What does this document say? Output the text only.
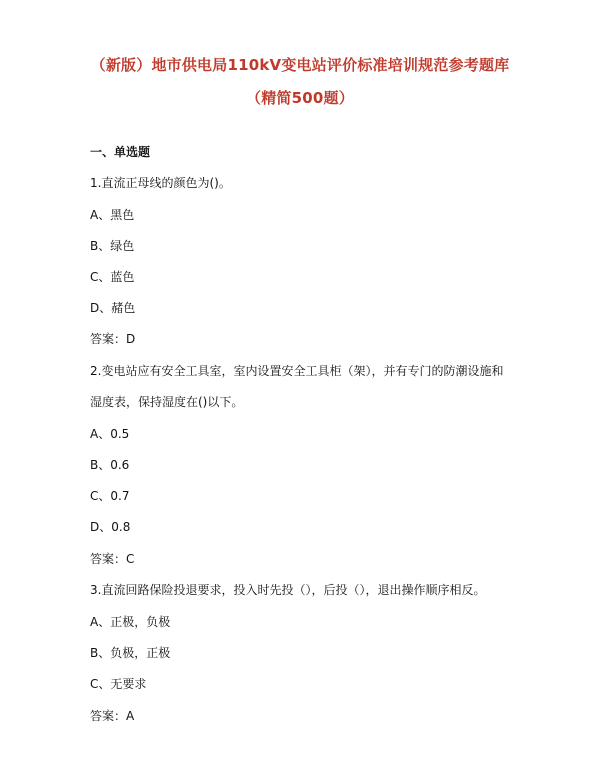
（新版）地市供电局110kV变电站评价标准培训规范参考题库
（精简500题）
一、单选题
1.直流正母线的颜色为()。
A、黑色
B、绿色
C、蓝色
D、赭色
答案：D
2.变电站应有安全工具室，室内设置安全工具柜（架），并有专门的防潮设施和
湿度表，保持湿度在()以下。
A、0.5
B、0.6
C、0.7
D、0.8
答案：C
3.直流回路保险投退要求，投入时先投（），后投（），退出操作顺序相反。
A、正极，负极
B、负极，正极
C、无要求
答案：A
